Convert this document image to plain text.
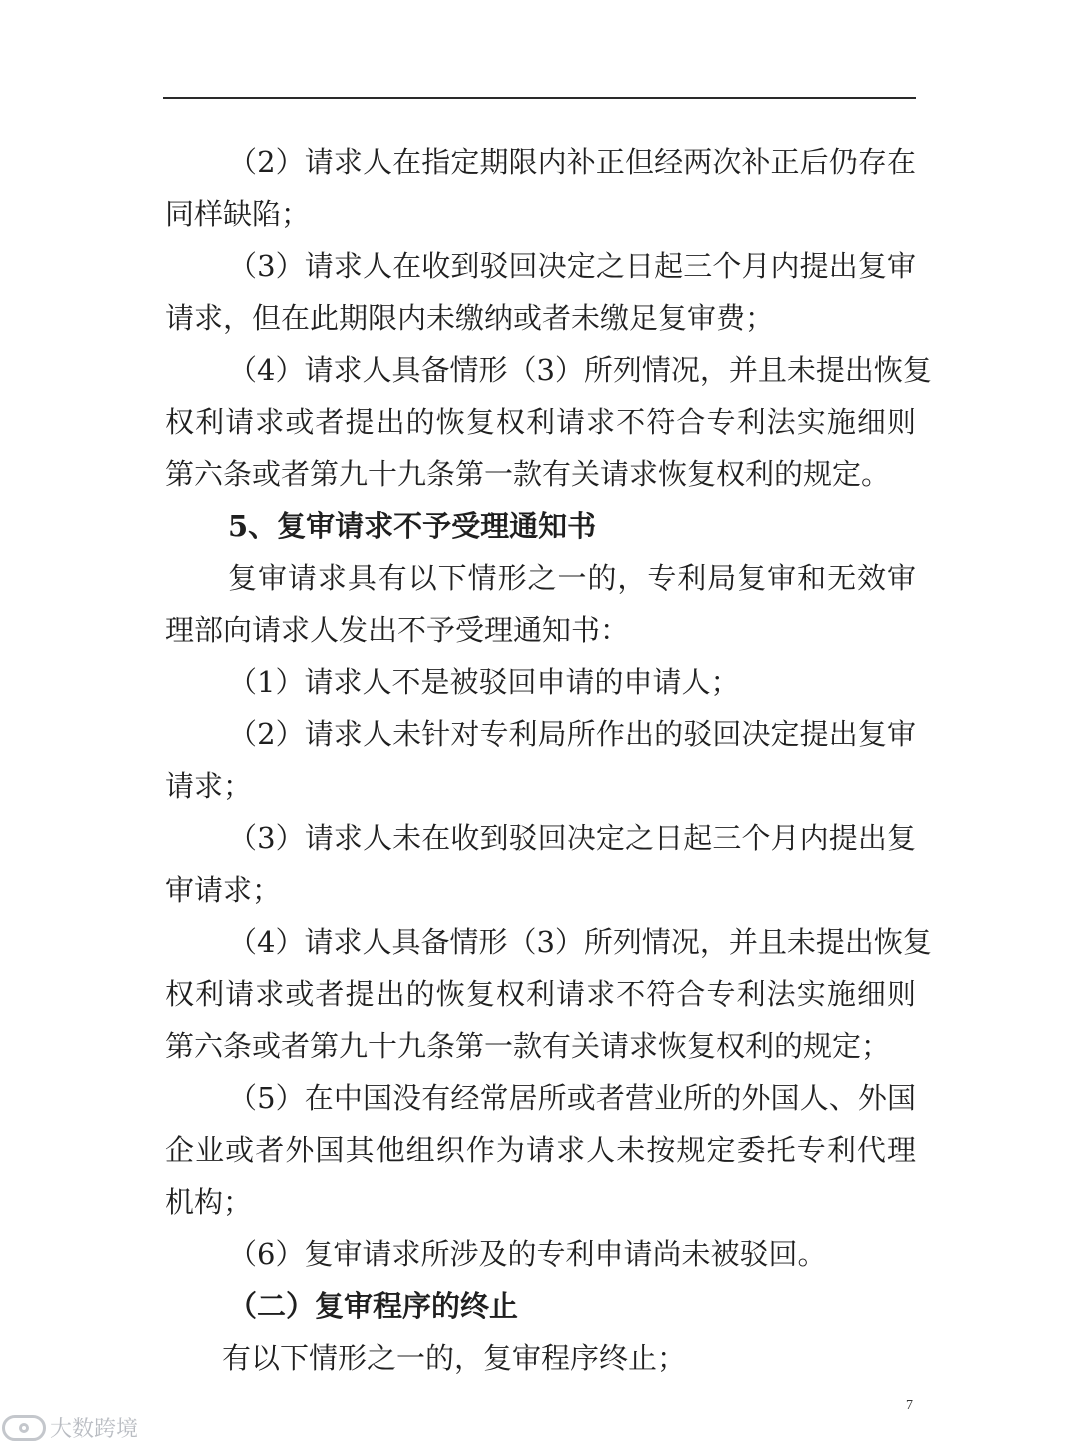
（2）请求人在指定期限内补正但经两次补正后仍存在
同样缺陷；
（3）请求人在收到驳回决定之日起三个月内提出复审
请求，但在此期限内未缴纳或者未缴足复审费；
（4）请求人具备情形（3）所列情况，并且未提出恢复
权利请求或者提出的恢复权利请求不符合专利法实施细则
第六条或者第九十九条第一款有关请求恢复权利的规定。
5、复审请求不予受理通知书
复审请求具有以下情形之一的，专利局复审和无效审
理部向请求人发出不予受理通知书：
（1）请求人不是被驳回申请的申请人；
（2）请求人未针对专利局所作出的驳回决定提出复审
请求；
（3）请求人未在收到驳回决定之日起三个月内提出复
审请求；
（4）请求人具备情形（3）所列情况，并且未提出恢复
权利请求或者提出的恢复权利请求不符合专利法实施细则
第六条或者第九十九条第一款有关请求恢复权利的规定；
（5）在中国没有经常居所或者营业所的外国人、外国
企业或者外国其他组织作为请求人未按规定委托专利代理
机构；
（6）复审请求所涉及的专利申请尚未被驳回。
（二）复审程序的终止
有以下情形之一的，复审程序终止；
7
大数跨境
